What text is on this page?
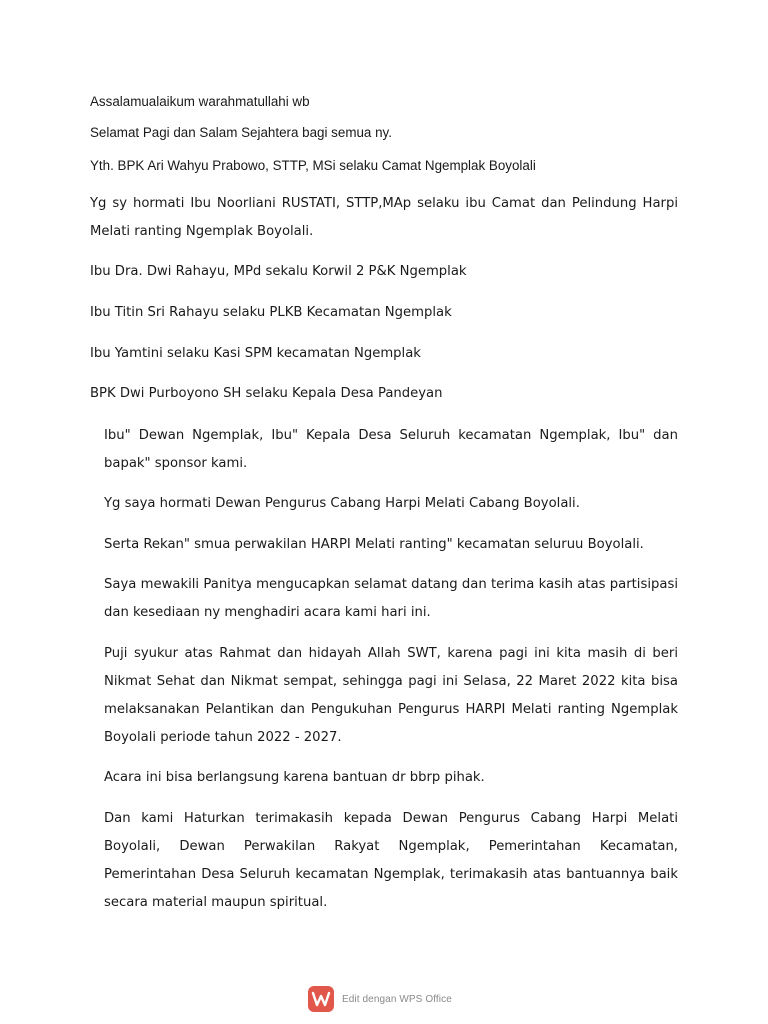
Assalamualaikum warahmatullahi wb
Selamat Pagi dan Salam Sejahtera bagi semua ny.
Yth. BPK Ari Wahyu Prabowo, STTP, MSi selaku Camat Ngemplak Boyolali
Yg sy hormati Ibu Noorliani RUSTATI, STTP,MAp selaku ibu Camat dan Pelindung Harpi Melati ranting Ngemplak Boyolali.
Ibu Dra. Dwi Rahayu, MPd sekalu Korwil 2 P&K Ngemplak
Ibu Titin Sri Rahayu selaku PLKB Kecamatan Ngemplak
Ibu Yamtini selaku Kasi SPM kecamatan Ngemplak
BPK Dwi Purboyono SH selaku Kepala Desa Pandeyan
Ibu" Dewan Ngemplak, Ibu" Kepala Desa Seluruh kecamatan Ngemplak, Ibu" dan bapak" sponsor kami.
Yg saya hormati Dewan Pengurus Cabang Harpi Melati Cabang Boyolali.
Serta Rekan" smua perwakilan HARPI Melati ranting" kecamatan seluruu Boyolali.
Saya mewakili Panitya mengucapkan selamat datang dan terima kasih atas partisipasi dan kesediaan ny menghadiri acara kami hari ini.
Puji syukur atas Rahmat dan hidayah Allah SWT, karena pagi ini kita masih di beri Nikmat Sehat dan Nikmat sempat, sehingga pagi ini Selasa, 22 Maret 2022 kita bisa melaksanakan Pelantikan dan Pengukuhan Pengurus HARPI Melati ranting Ngemplak Boyolali periode tahun 2022 - 2027.
Acara ini bisa berlangsung karena bantuan dr bbrp pihak.
Dan kami Haturkan terimakasih kepada Dewan Pengurus Cabang Harpi Melati Boyolali, Dewan Perwakilan Rakyat Ngemplak, Pemerintahan Kecamatan, Pemerintahan Desa Seluruh kecamatan Ngemplak, terimakasih atas bantuannya baik secara material maupun spiritual.
Edit dengan WPS Office
